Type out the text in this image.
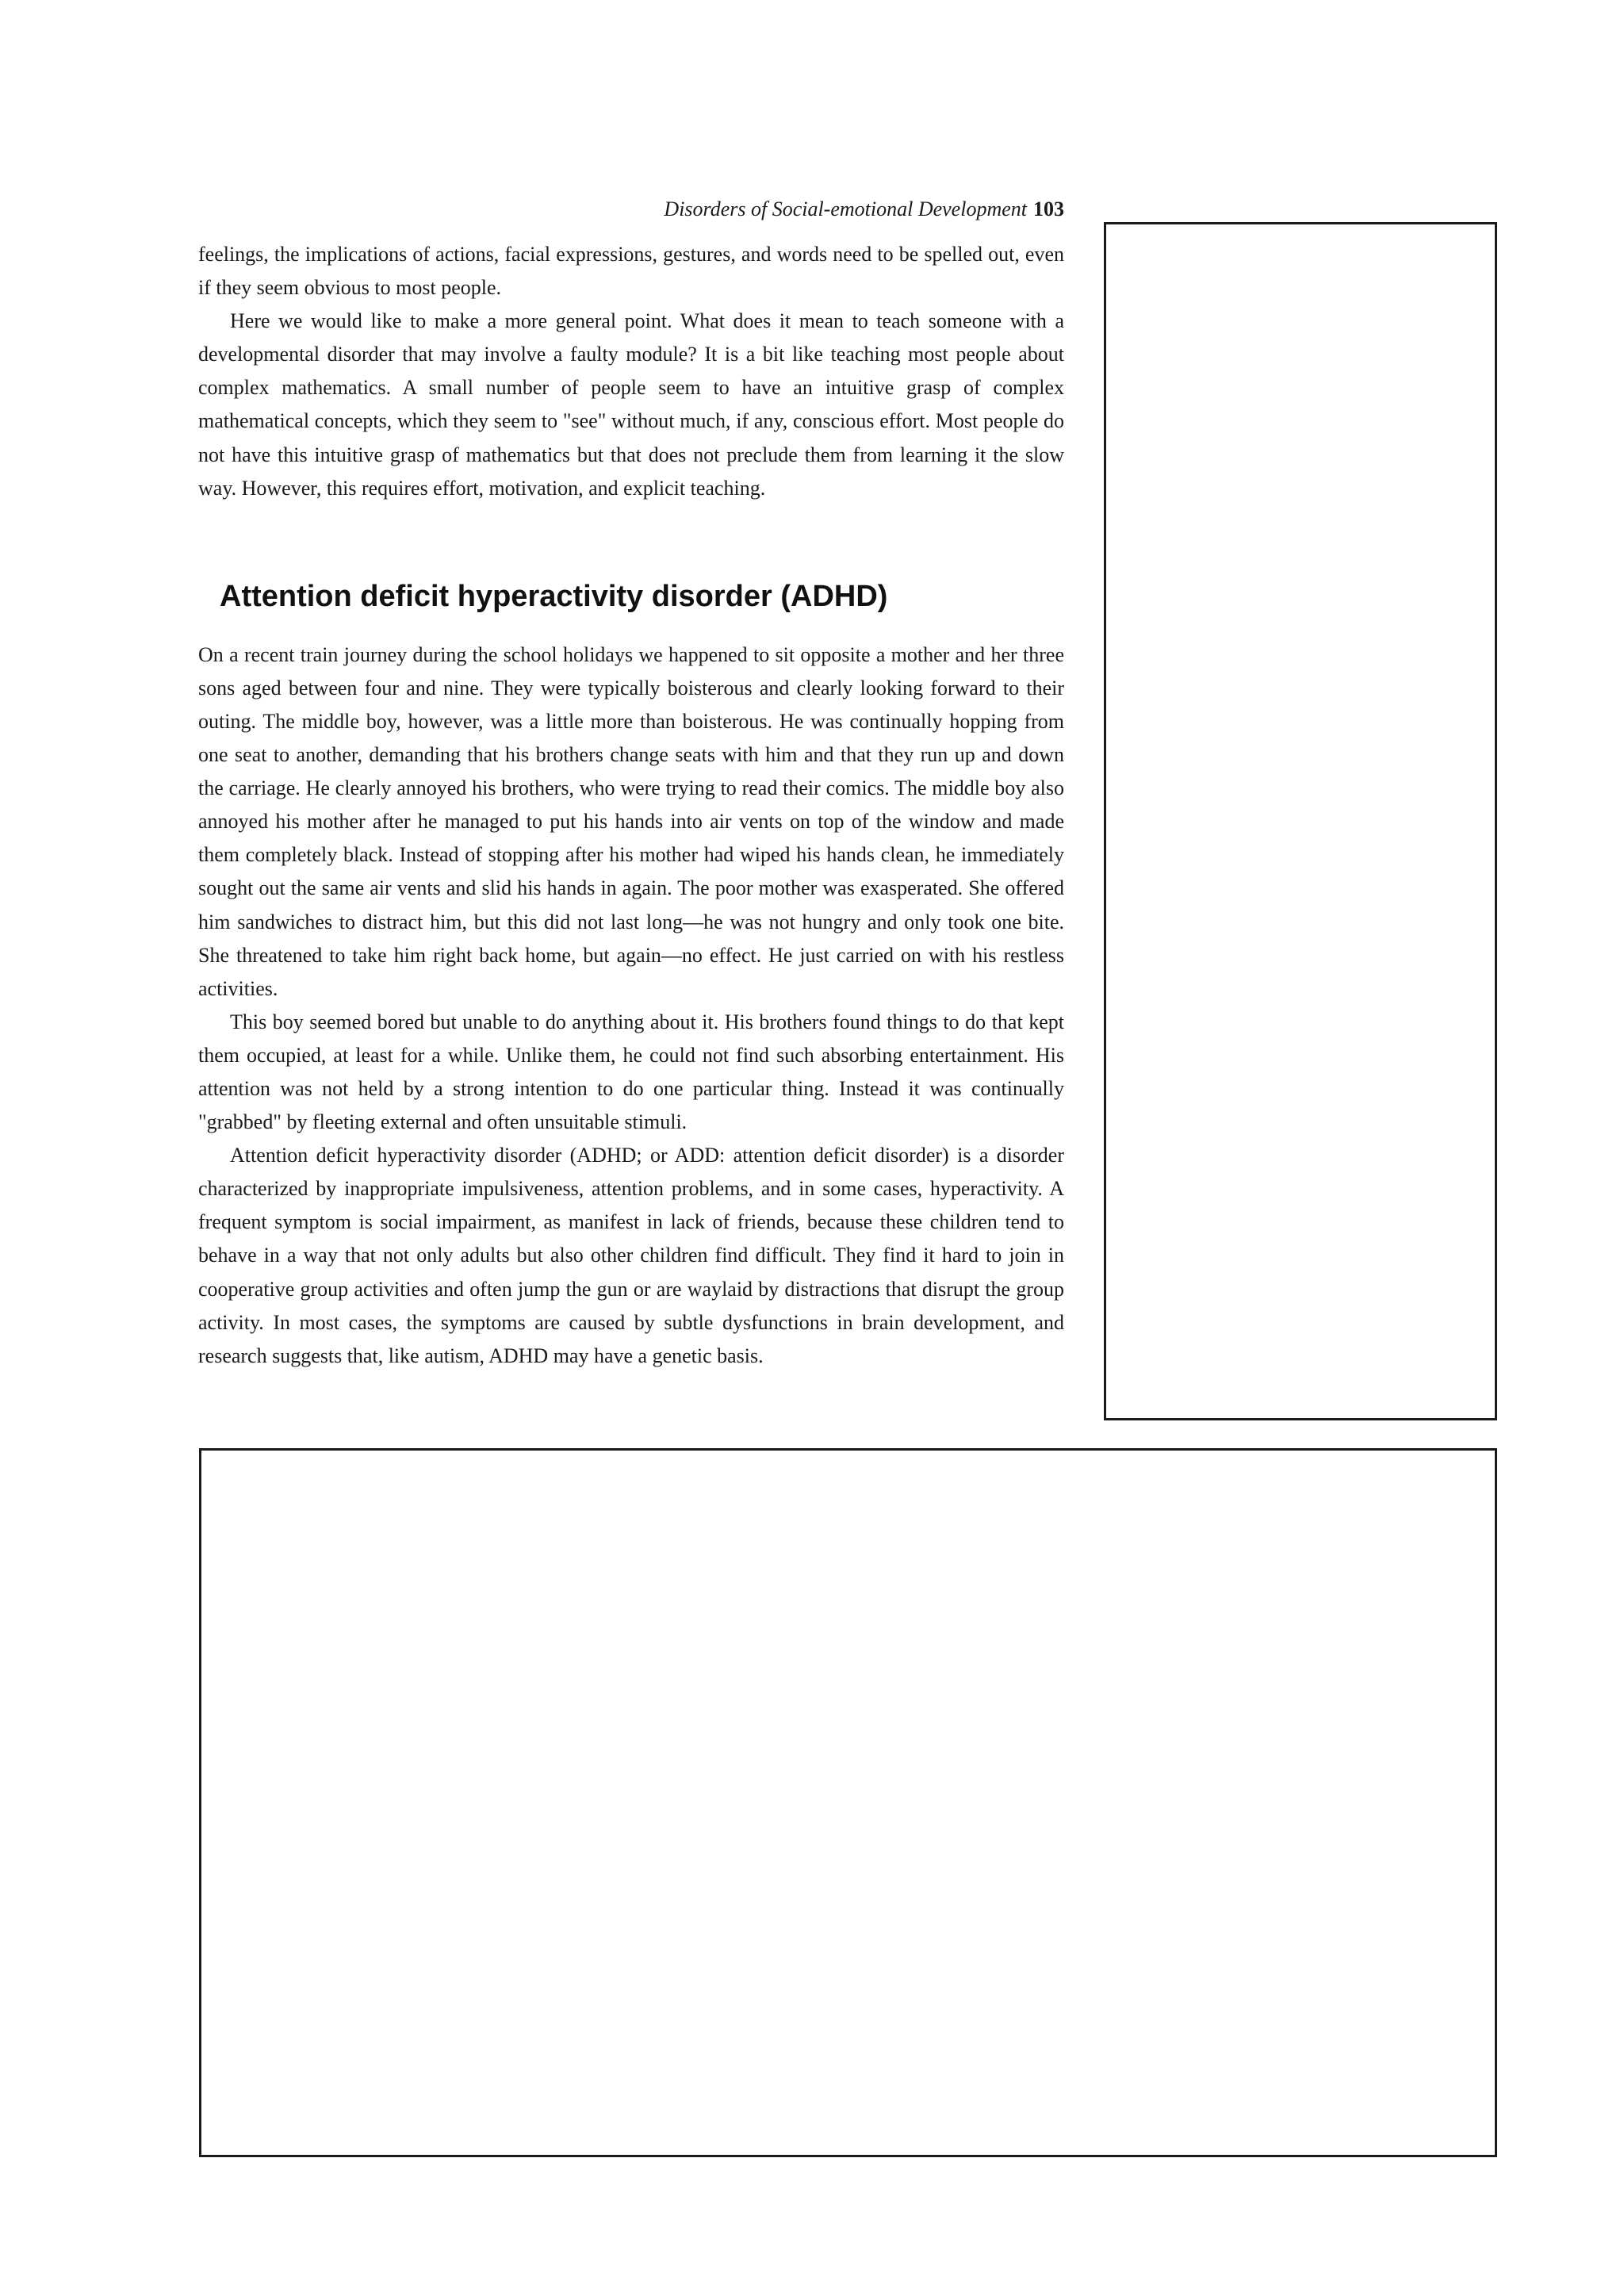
Disorders of Social-emotional Development 103

feelings, the implications of actions, facial expressions, gestures, and words need to be spelled out, even if they seem obvious to most people.

Here we would like to make a more general point. What does it mean to teach someone with a developmental disorder that may involve a faulty module? It is a bit like teaching most people about complex mathematics. A small number of people seem to have an intuitive grasp of complex mathematical concepts, which they seem to "see" without much, if any, conscious effort. Most people do not have this intuitive grasp of mathematics but that does not preclude them from learning it the slow way. However, this requires effort, motivation, and explicit teaching.

Attention deficit hyperactivity disorder (ADHD)

On a recent train journey during the school holidays we happened to sit opposite a mother and her three sons aged between four and nine. They were typically boisterous and clearly looking forward to their outing. The middle boy, however, was a little more than boisterous. He was continually hopping from one seat to another, demanding that his brothers change seats with him and that they run up and down the carriage. He clearly annoyed his brothers, who were trying to read their comics. The middle boy also annoyed his mother after he managed to put his hands into air vents on top of the window and made them completely black. Instead of stopping after his mother had wiped his hands clean, he immediately sought out the same air vents and slid his hands in again. The poor mother was exasperated. She offered him sandwiches to distract him, but this did not last long—he was not hungry and only took one bite. She threatened to take him right back home, but again—no effect. He just carried on with his restless activities.

This boy seemed bored but unable to do anything about it. His brothers found things to do that kept them occupied, at least for a while. Unlike them, he could not find such absorbing entertainment. His attention was not held by a strong intention to do one particular thing. Instead it was continually "grabbed" by fleeting external and often unsuitable stimuli.

Attention deficit hyperactivity disorder (ADHD; or ADD: attention deficit disorder) is a disorder characterized by inappropriate impulsiveness, attention problems, and in some cases, hyperactivity. A frequent symptom is social impairment, as manifest in lack of friends, because these children tend to behave in a way that not only adults but also other children find difficult. They find it hard to join in cooperative group activities and often jump the gun or are waylaid by distractions that disrupt the group activity. In most cases, the symptoms are caused by subtle dysfunctions in brain development, and research suggests that, like autism, ADHD may have a genetic basis.
